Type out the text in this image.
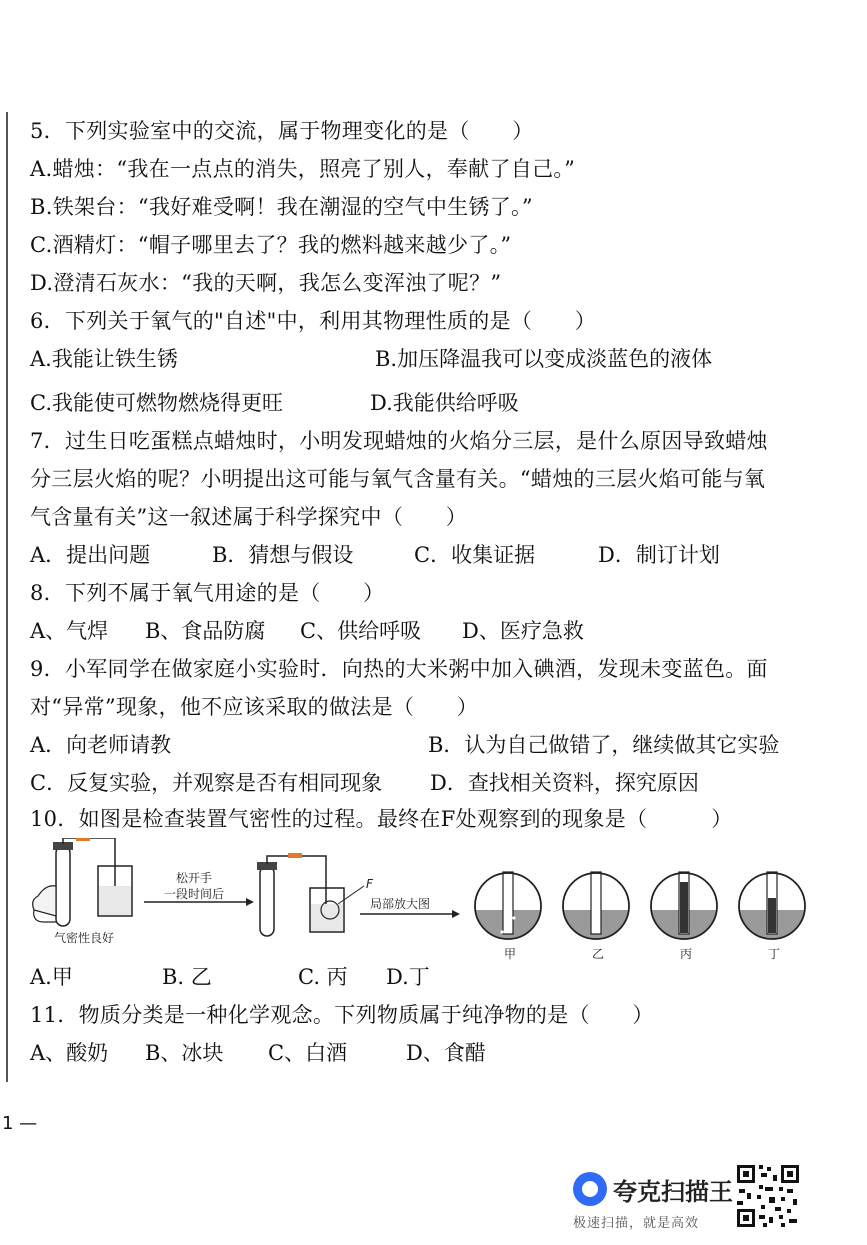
5．下列实验室中的交流，属于物理变化的是（　　）
A.蜡烛：“我在一点点的消失，照亮了别人，奉献了自己。”
B.铁架台：“我好难受啊！我在潮湿的空气中生锈了。”
C.酒精灯：“帽子哪里去了？我的燃料越来越少了。”
D.澄清石灰水：“我的天啊，我怎么变浑浊了呢？”
6．下列关于氧气的"自述"中，利用其物理性质的是（　　）
A.我能让铁生锈	B.加压降温我可以变成淡蓝色的液体
C.我能使可燃物燃烧得更旺	D.我能供给呼吸
7．过生日吃蛋糕点蜡烛时，小明发现蜡烛的火焰分三层，是什么原因导致蜡烛
分三层火焰的呢？小明提出这可能与氧气含量有关。“蜡烛的三层火焰可能与氧
气含量有关”这一叙述属于科学探究中（　　）
A．提出问题	B．猜想与假设	C．收集证据	D．制订计划
8．下列不属于氧气用途的是（　　）
A、气焊 B、食品防腐 C、供给呼吸 D、医疗急救
9．小军同学在做家庭小实验时．向热的大米粥中加入碘酒，发现未变蓝色。面
对“异常”现象，他不应该采取的做法是（　　）
A．向老师请教	B．认为自己做错了，继续做其它实验
C．反复实验，并观察是否有相同现象 D．查找相关资料，探究原因
10．如图是检查装置气密性的过程。最终在F处观察到的现象是（　　　）
气密性良好
松开手
一段时间后
F
局部放大图
甲	乙	丙	丁
A.甲	B. 乙	C. 丙 D.丁
11．物质分类是一种化学观念。下列物质属于纯净物的是（　　）
A、酸奶 B、冰块 C、白酒	D、食醋
1 —
夸克扫描王
极速扫描，就是高效
